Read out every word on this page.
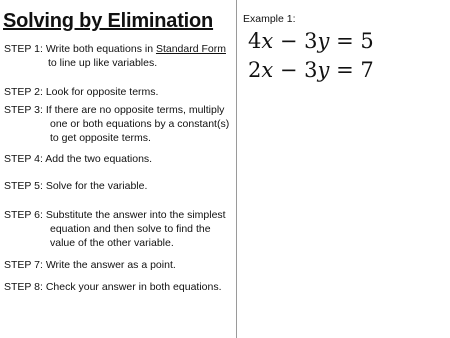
Solving by Elimination
STEP 1: Write both equations in Standard Form
to line up like variables.
STEP 2: Look for opposite terms.
STEP 3: If there are no opposite terms, multiply
one or both equations by a constant(s)
to get opposite terms.
STEP 4: Add the two equations.
STEP 5: Solve for the variable.
STEP 6: Substitute the answer into the simplest
equation and then solve to find the
value of the other variable.
STEP 7: Write the answer as a point.
STEP 8: Check your answer in both equations.
Example 1:
4x − 3y = 5
2x − 3y = 7
